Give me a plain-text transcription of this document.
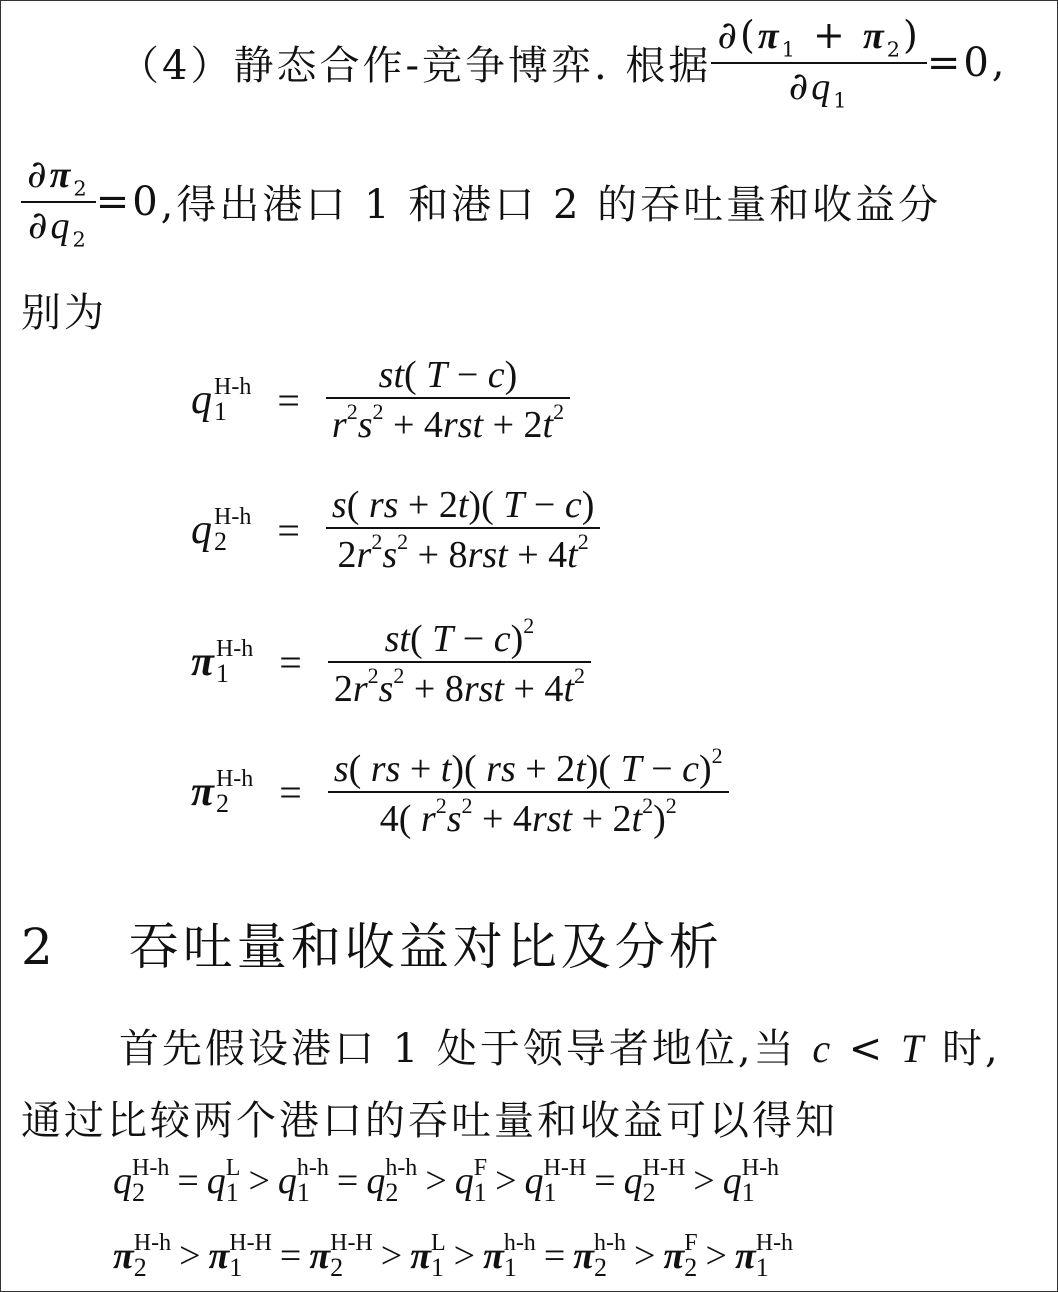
（4）静态合作-竞争博弈. 根据 $\frac{\partial(\pi_1 + \pi_2)}{\partial q_1} =0$,
$\frac{\partial\pi_2}{\partial q_2} =0$ ,得出港口 1 和港口 2 的吞吐量和收益分
别为
q H-h
1	= $\frac{st( T - c)}{r^2s^2 + 4rst + 2t^2}$
q H-h
2	= $\frac{s( rs + 2t)( T - c)}{2r^2s^2 + 8rst + 4t^2}$
π H-h
1	= $\frac{st( T - c)^2}{2r^2s^2 + 8rst + 4t^2}$
π H-h
2	= $\frac{s( rs + t)( rs + 2t)( T - c)^2}{4( r^2s^2 + 4rst + 2t^2)^2}$
2 吞吐量和收益对比及分析
首先假设港口 1 处于领导者地位,当 c < T 时,
通过比较两个港口的吞吐量和收益可以得知
q H-h
2 = q L
1 > q h-h
1 = q h-h
2 > q F
1 > q H-H
1 = q H-H
2 > q H-h
1
π H-h
2 > π H-H
1 = π H-H
2 > π L
1 > π h-h
1 = π h-h
2 > π F
2 > π H-h
1
